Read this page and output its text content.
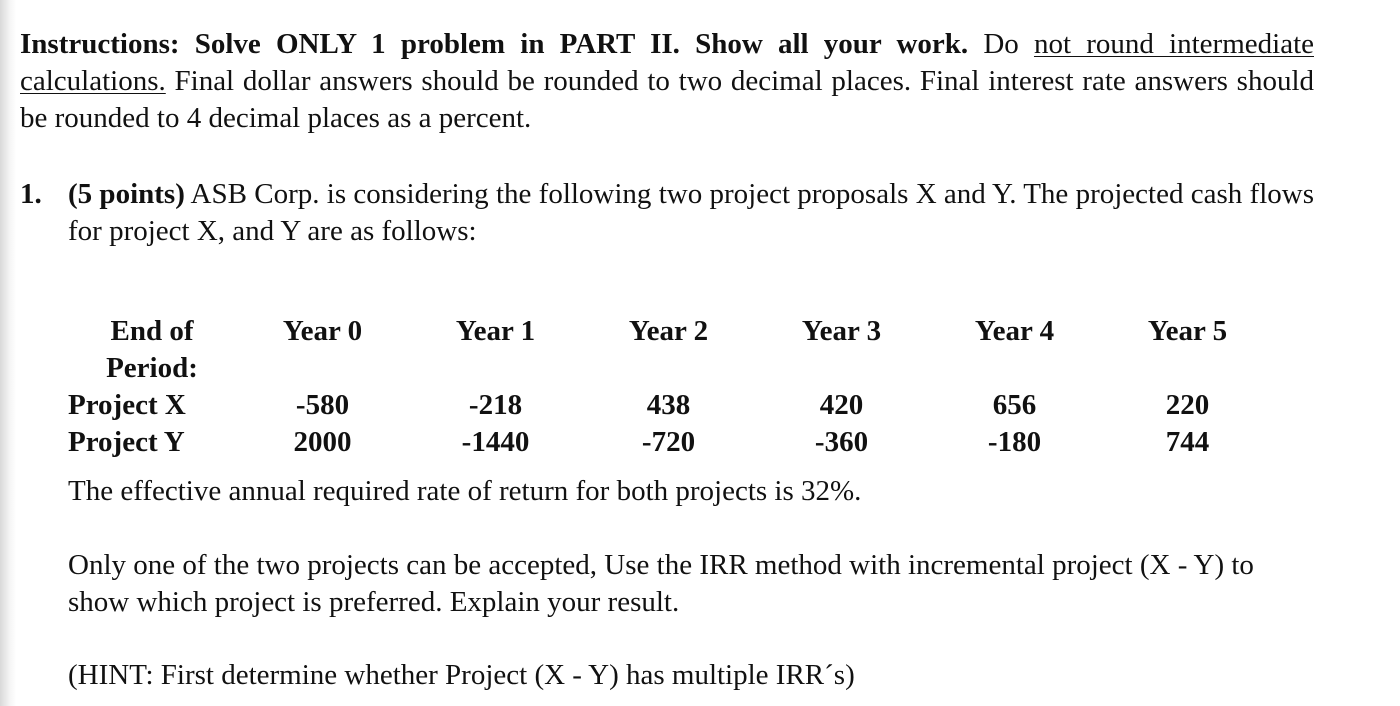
Instructions: Solve ONLY 1 problem in PART II. Show all your work. Do not round intermediate calculations. Final dollar answers should be rounded to two decimal places. Final interest rate answers should be rounded to 4 decimal places as a percent.

1. (5 points) ASB Corp. is considering the following two project proposals X and Y. The projected cash flows for project X, and Y are as follows:
End of	Year 0	Year 1	Year 2	Year 3	Year 4	Year 5
Period:						
Project X	-580	-218	438	420	656	220
Project Y	2000	-1440	-720	-360	-180	744

The effective annual required rate of return for both projects is 32%.

Only one of the two projects can be accepted, Use the IRR method with incremental project (X - Y) to show which project is preferred. Explain your result.

(HINT: First determine whether Project (X - Y) has multiple IRR´s)
